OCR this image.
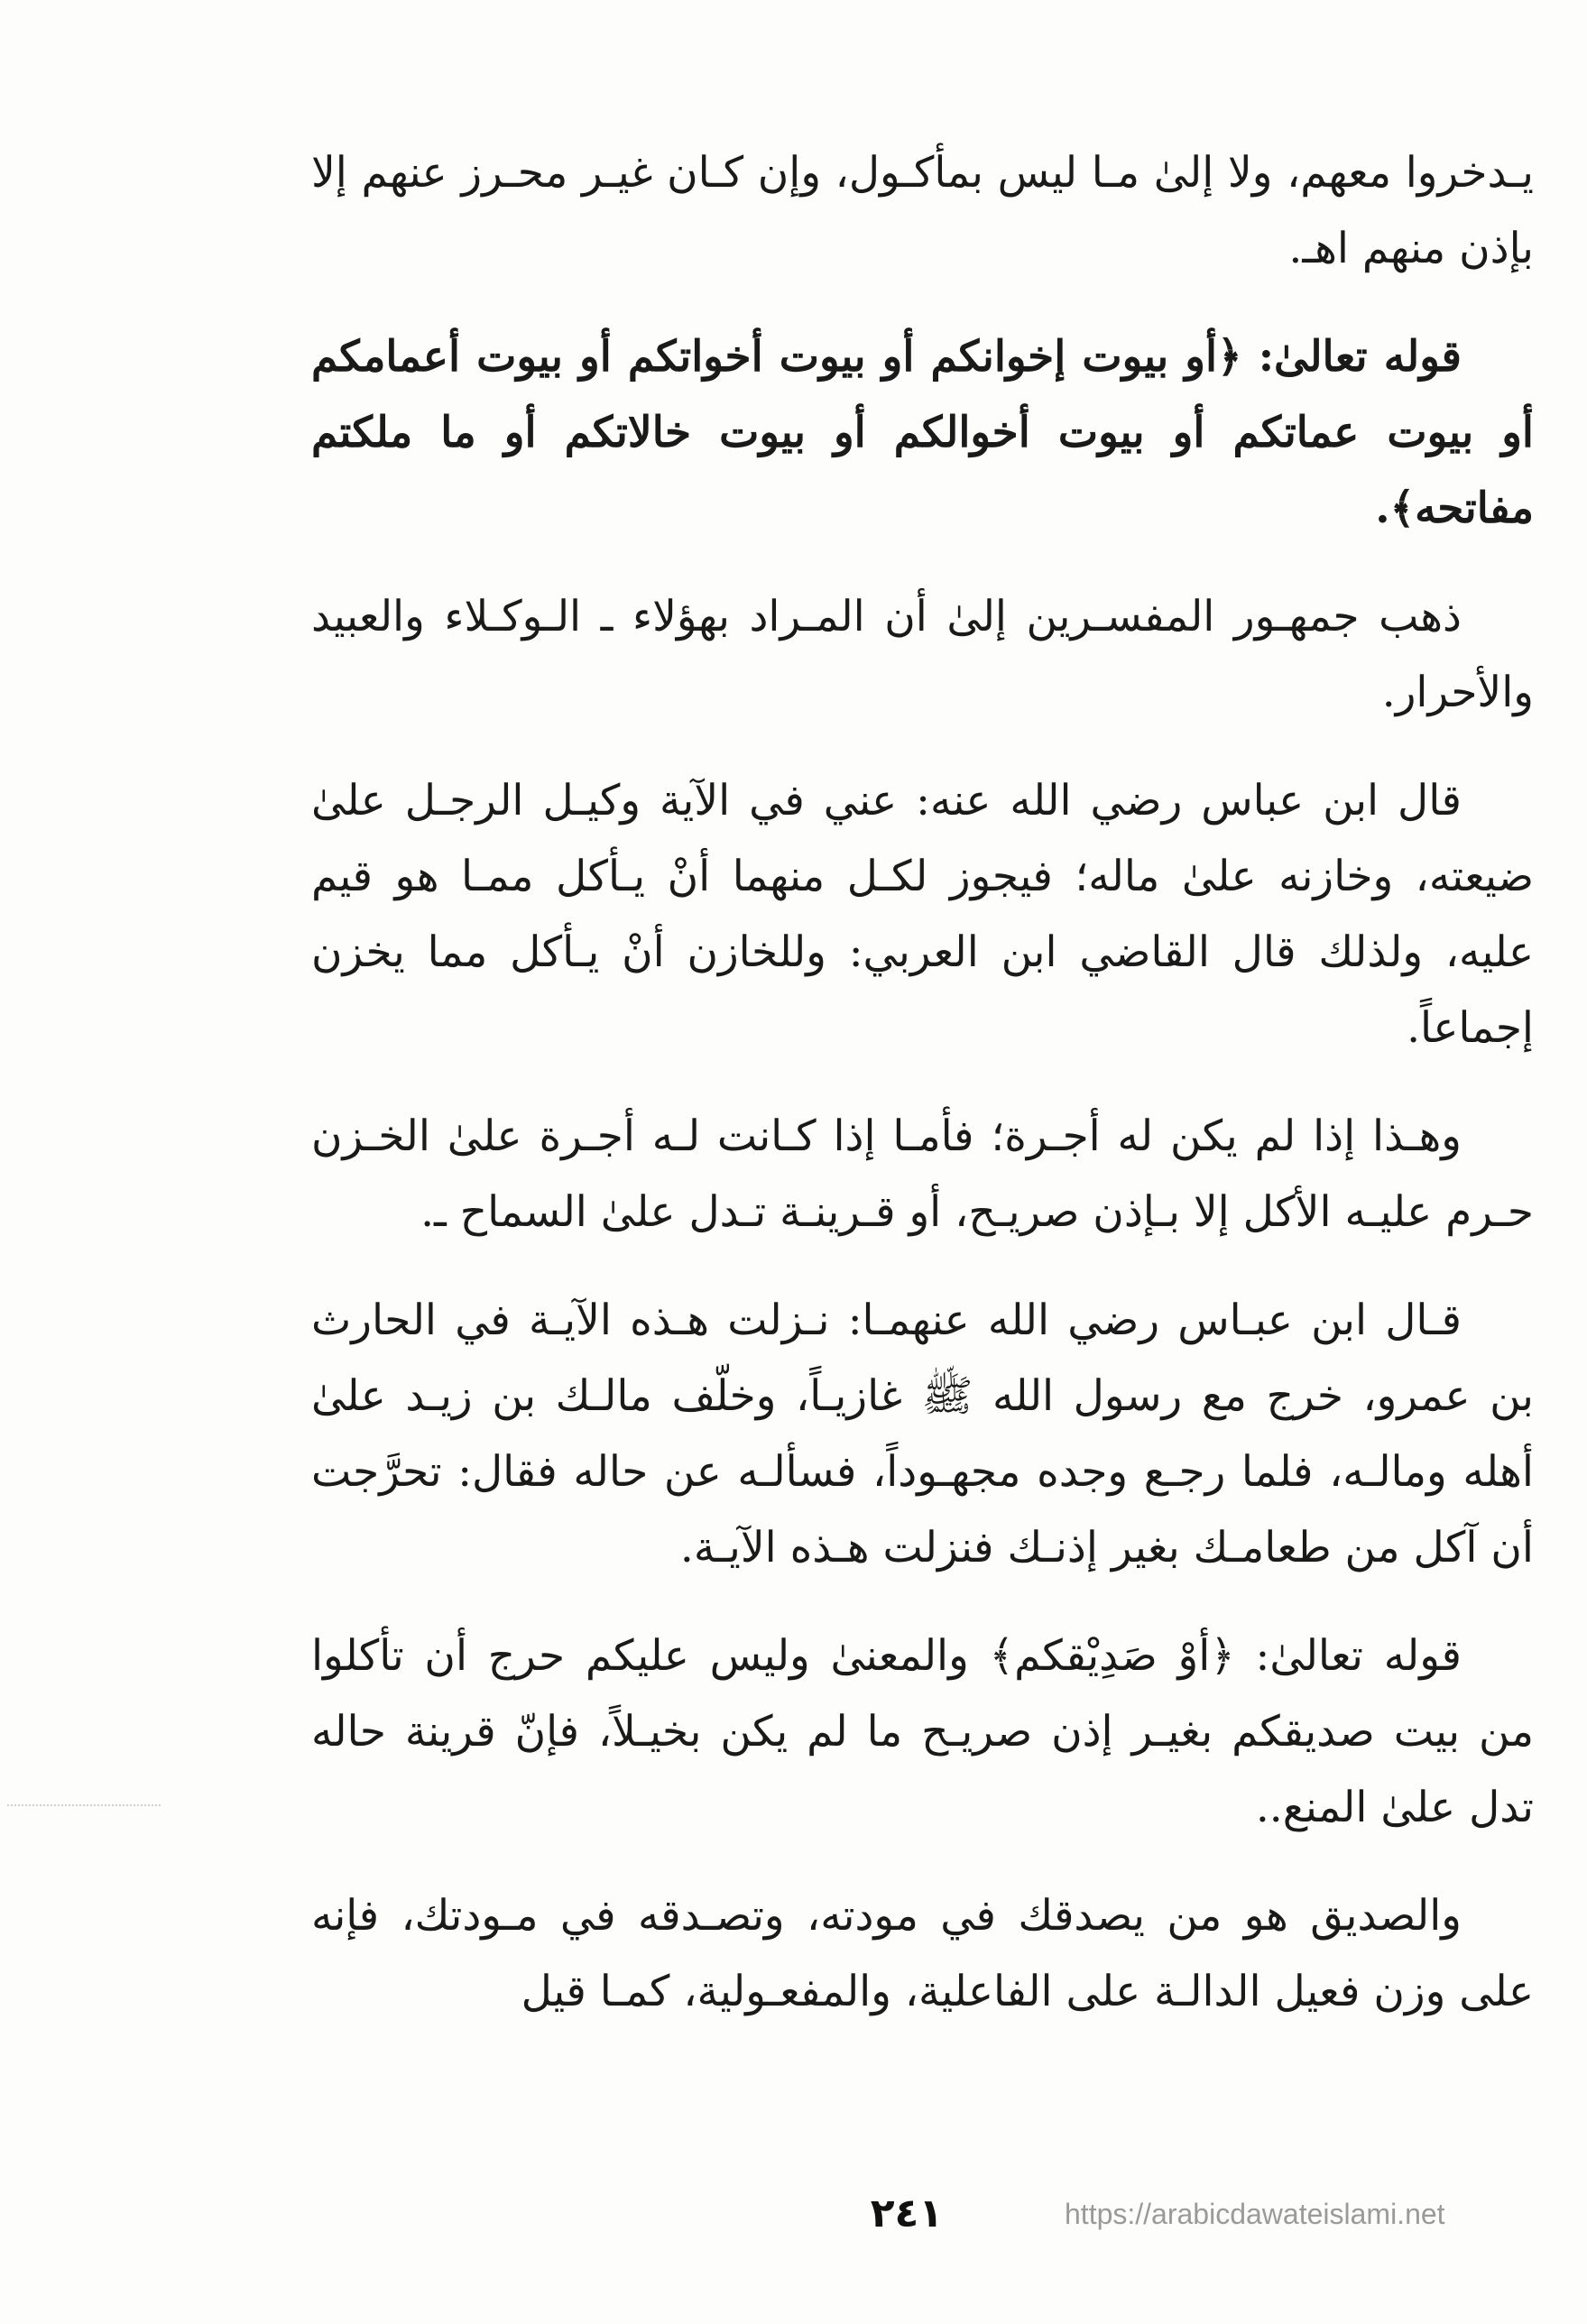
يـدخروا معهم، ولا إلىٰ مـا ليس بمأكـول، وإن كـان غيـر محـرز عنهم إلا بإذن منهم اهـ.

قوله تعالىٰ: ﴿أو بيوت إخوانكم أو بيوت أخواتكم أو بيوت أعمامكم أو بيوت عماتكم أو بيوت أخوالكم أو بيوت خالاتكم أو ما ملكتم مفاتحه﴾.

ذهب جمهـور المفسـرين إلىٰ أن المـراد بهؤلاء ـ الـوكـلاء والعبيد والأحرار.

قال ابن عباس رضي الله عنه: عني في الآية وكيـل الرجـل علىٰ ضيعته، وخازنه علىٰ ماله؛ فيجوز لكـل منهما أنْ يـأكل ممـا هو قيم عليه، ولذلك قال القاضي ابن العربي: وللخازن أنْ يـأكل مما يخزن إجماعاً.

وهـذا إذا لم يكن له أجـرة؛ فأمـا إذا كـانت لـه أجـرة علىٰ الخـزن حـرم عليـه الأكل إلا بـإذن صريـح، أو قـرينـة تـدل علىٰ السماح ـ.

قـال ابن عبـاس رضي الله عنهمـا: نـزلت هـذه الآيـة في الحارث بن عمرو، خرج مع رسول الله ﷺ غازيـاً، وخلّف مالـك بن زيـد علىٰ أهله ومالـه، فلما رجـع وجده مجهـوداً، فسألـه عن حاله فقال: تحرَّجت أن آكل من طعامـك بغير إذنـك فنزلت هـذه الآيـة.

قوله تعالىٰ: ﴿أوْ صَدِيْقكم﴾ والمعنىٰ وليس عليكم حرج أن تأكلوا من بيت صديقكم بغيـر إذن صريـح ما لم يكن بخيـلاً، فإنّ قرينة حاله تدل علىٰ المنع..

والصديق هو من يصدقك في مودته، وتصـدقه في مـودتك، فإنه على وزن فعيل الدالـة على الفاعلية، والمفعـولية، كمـا قيل

٢٤١	https://arabicdawateislami.net
